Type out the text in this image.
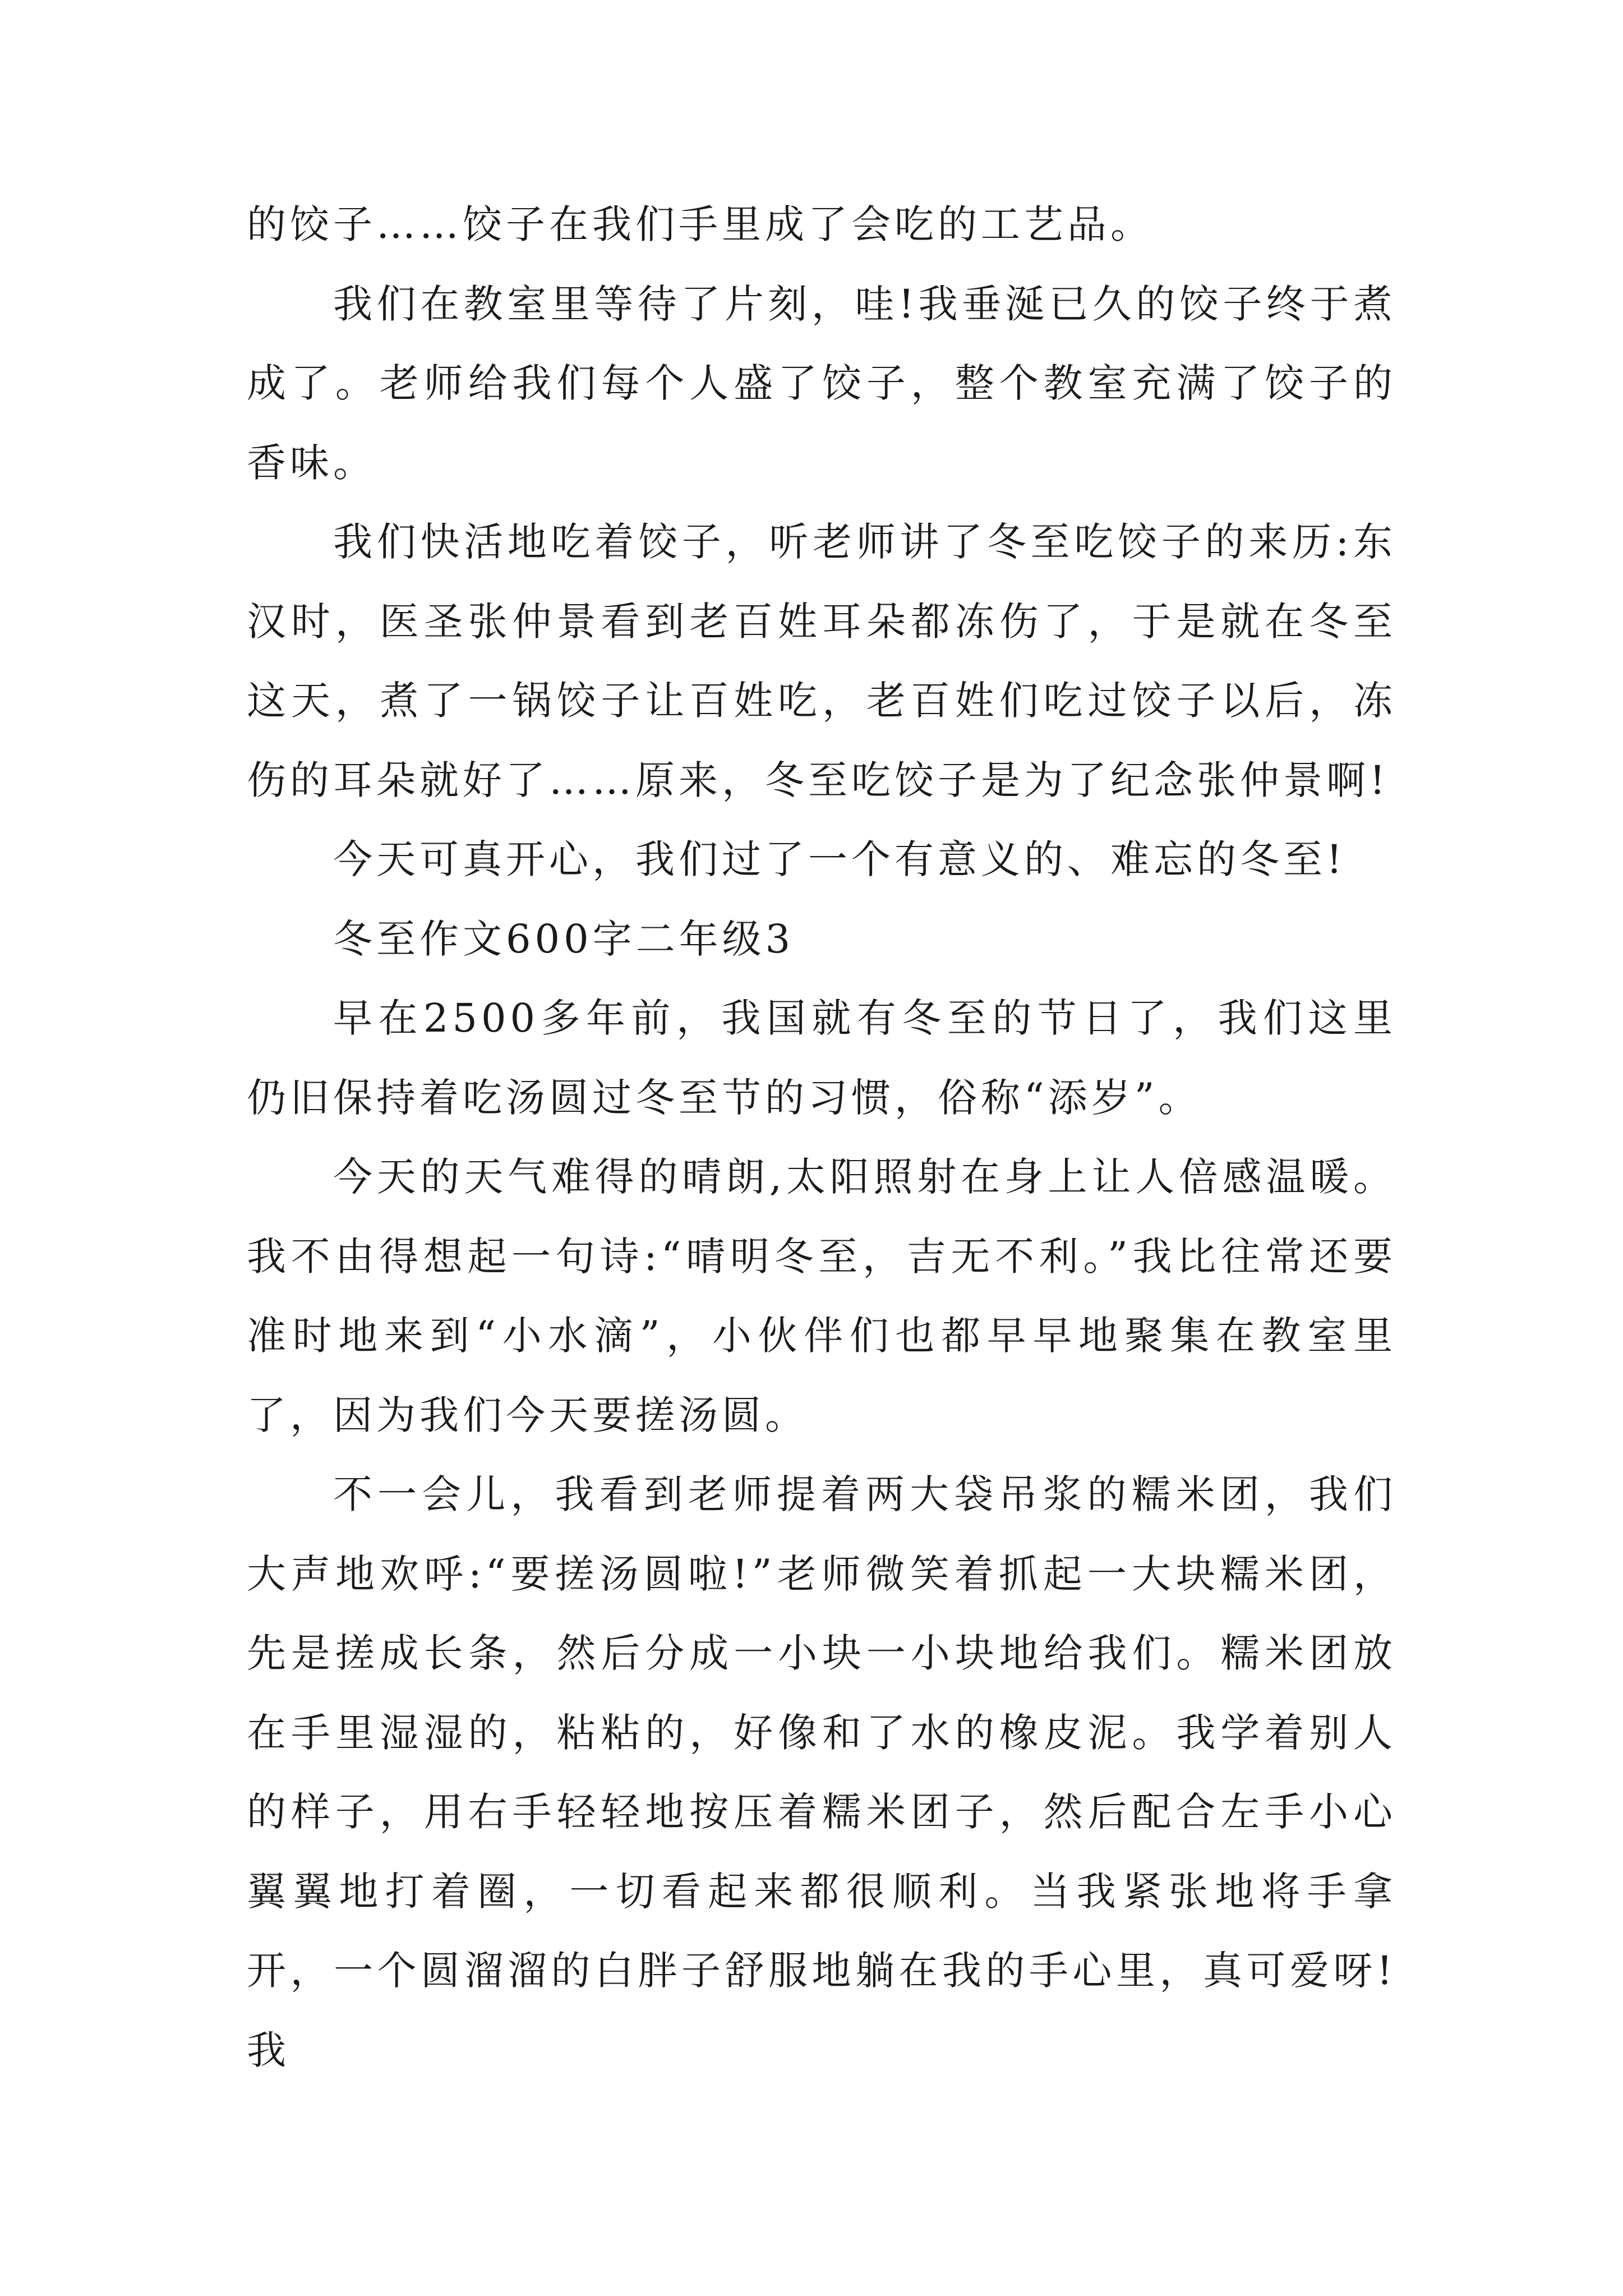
的饺子……饺子在我们手里成了会吃的工艺品。

我们在教室里等待了片刻，哇!我垂涎已久的饺子终于煮成了。老师给我们每个人盛了饺子，整个教室充满了饺子的香味。

我们快活地吃着饺子，听老师讲了冬至吃饺子的来历:东汉时，医圣张仲景看到老百姓耳朵都冻伤了，于是就在冬至这天，煮了一锅饺子让百姓吃，老百姓们吃过饺子以后，冻伤的耳朵就好了……原来，冬至吃饺子是为了纪念张仲景啊!

今天可真开心，我们过了一个有意义的、难忘的冬至!

冬至作文600字二年级3

早在2500多年前，我国就有冬至的节日了，我们这里仍旧保持着吃汤圆过冬至节的习惯，俗称“添岁”。

今天的天气难得的晴朗,太阳照射在身上让人倍感温暖。我不由得想起一句诗:“晴明冬至，吉无不利。”我比往常还要准时地来到“小水滴”，小伙伴们也都早早地聚集在教室里了，因为我们今天要搓汤圆。

不一会儿，我看到老师提着两大袋吊浆的糯米团，我们大声地欢呼:“要搓汤圆啦!”老师微笑着抓起一大块糯米团，先是搓成长条，然后分成一小块一小块地给我们。糯米团放在手里湿湿的，粘粘的，好像和了水的橡皮泥。我学着别人的样子，用右手轻轻地按压着糯米团子，然后配合左手小心翼翼地打着圈，一切看起来都很顺利。当我紧张地将手拿开，一个圆溜溜的白胖子舒服地躺在我的手心里，真可爱呀!我
